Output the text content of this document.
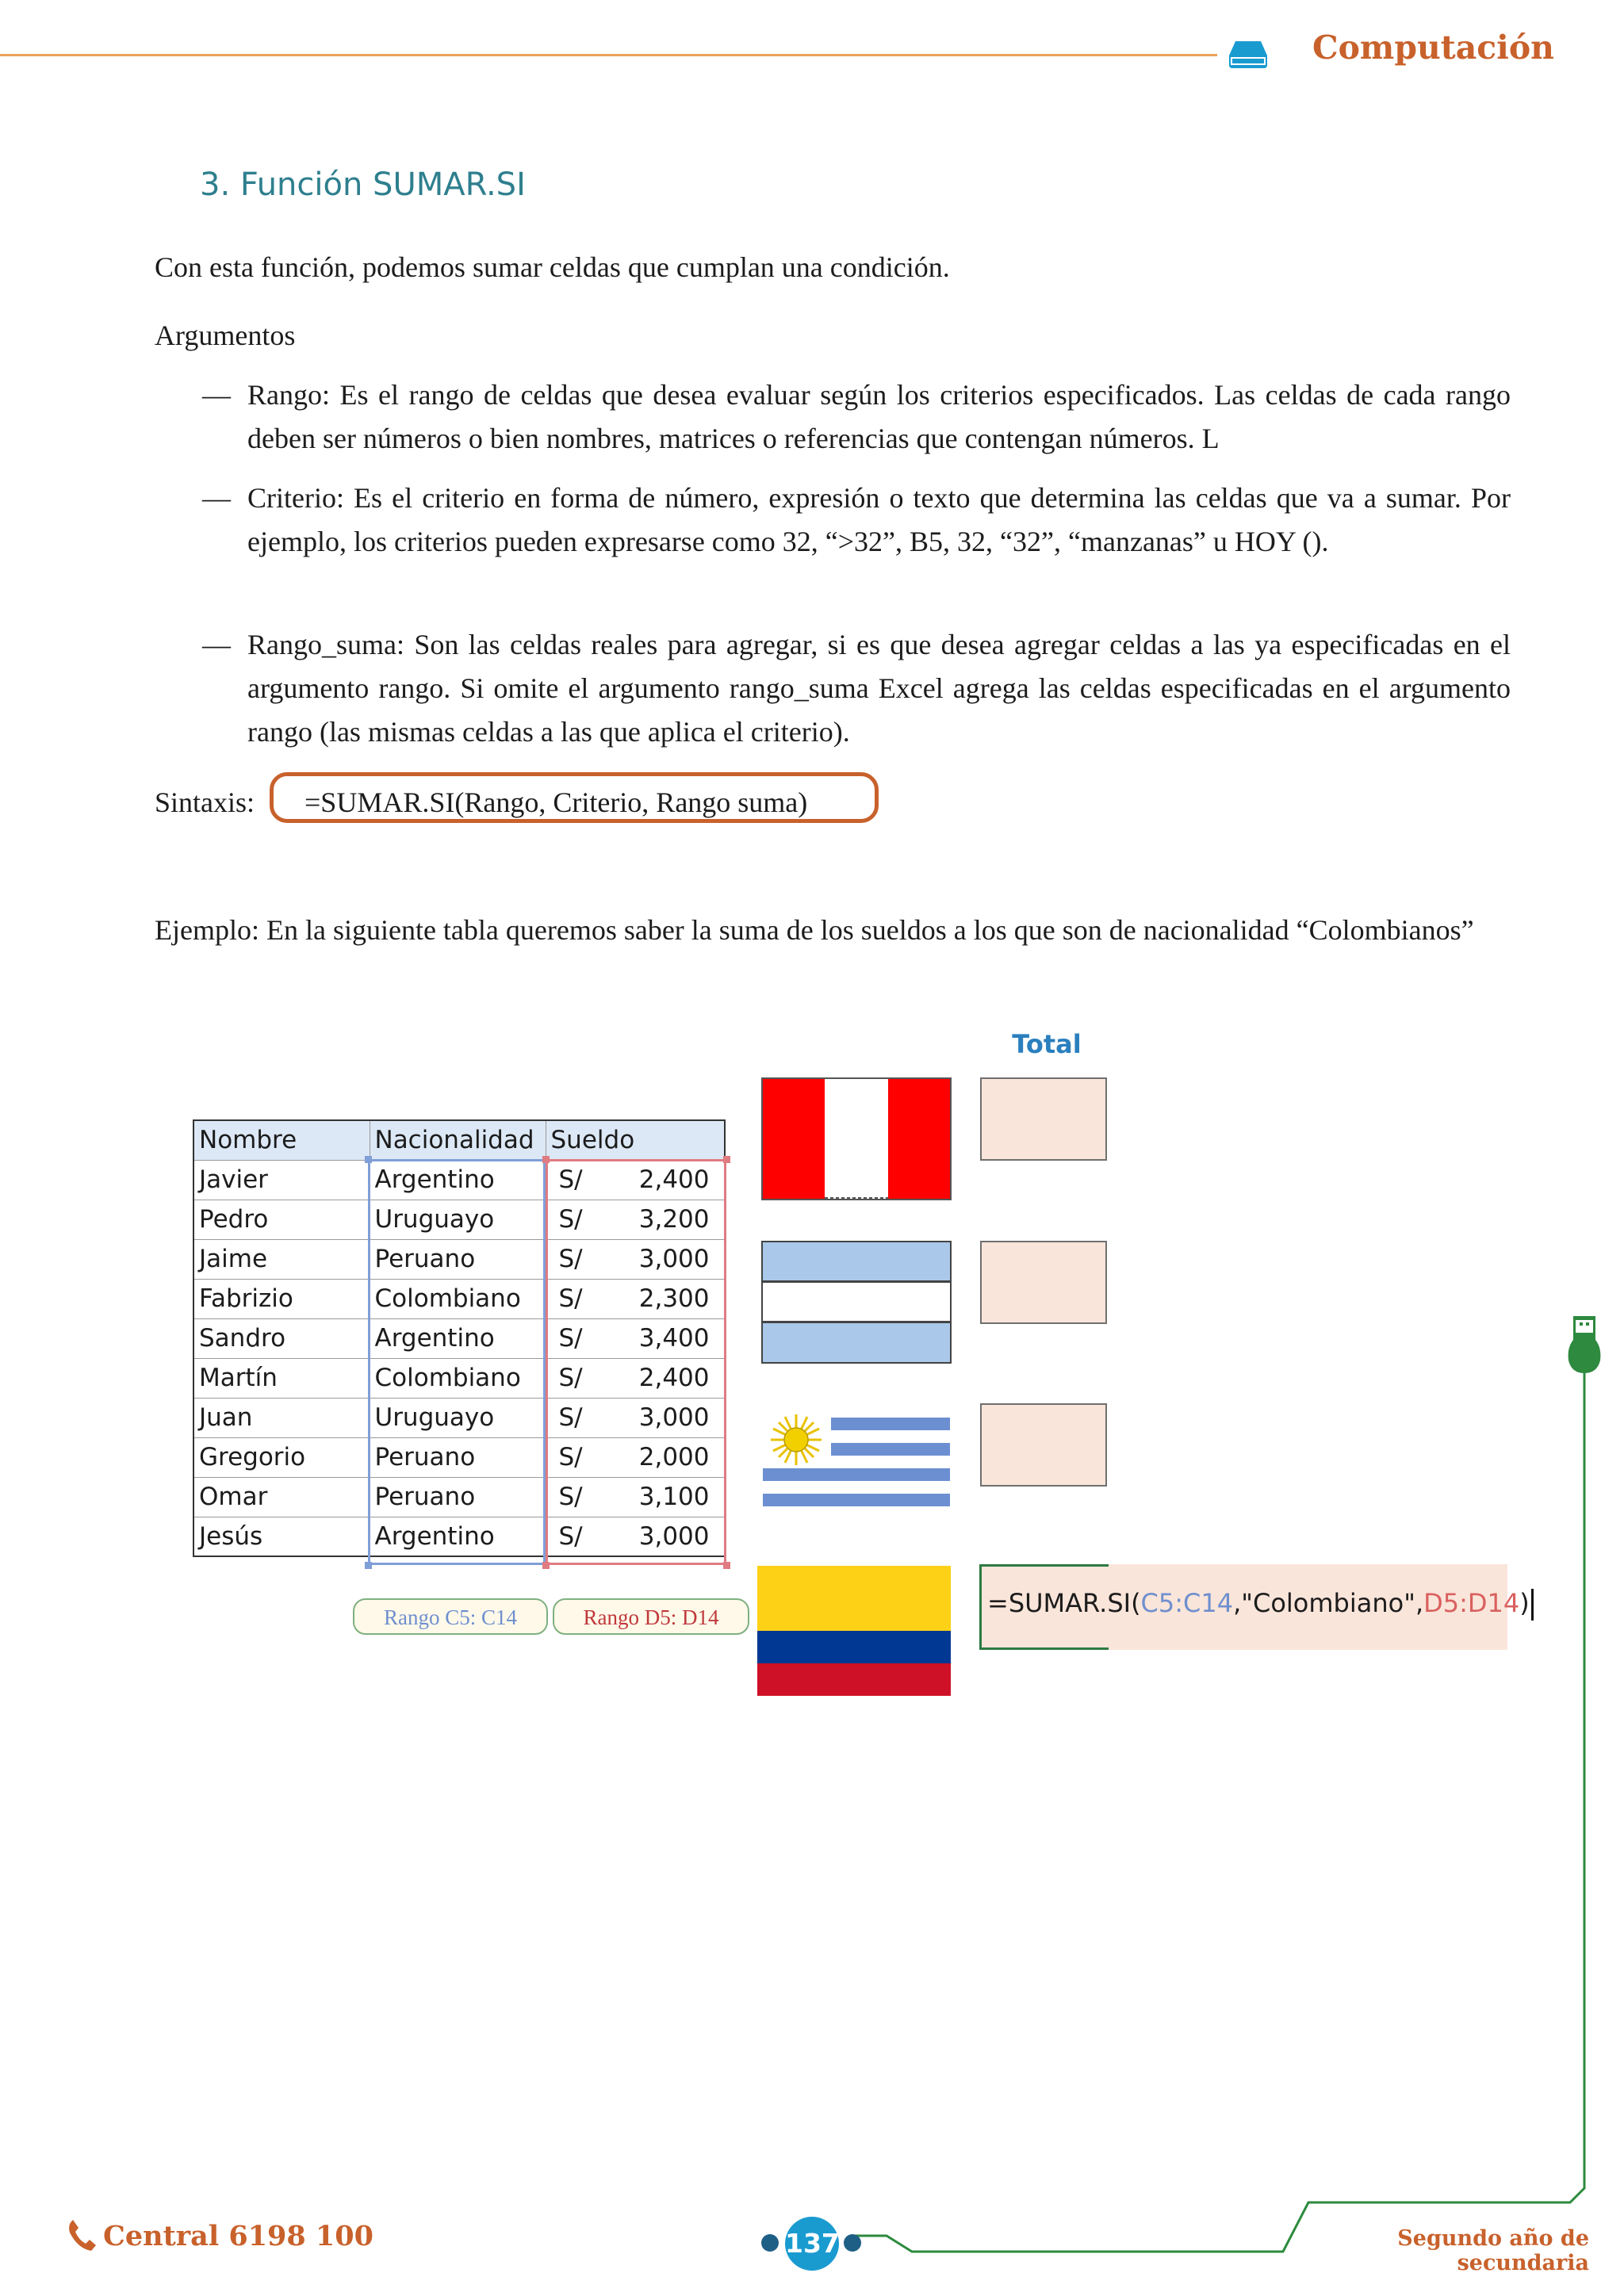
Computación
3. Función SUMAR.SI
Con esta función, podemos sumar celdas que cumplan una condición.
Argumentos
— Rango: Es el rango de celdas que desea evaluar según los criterios especificados. Las celdas de cada rango deben ser números o bien nombres, matrices o referencias que contengan números. L
— Criterio: Es el criterio en forma de número, expresión o texto que determina las celdas que va a sumar. Por ejemplo, los criterios pueden expresarse como 32, “>32”, B5, 32, “32”, “manzanas” u HOY ().
— Rango_suma: Son las celdas reales para agregar, si es que desea agregar celdas a las ya especificadas en el argumento rango. Si omite el argumento rango_suma Excel agrega las celdas especificadas en el argumento rango (las mismas celdas a las que aplica el criterio).
Sintaxis: =SUMAR.SI(Rango, Criterio, Rango suma)
Ejemplo: En la siguiente tabla queremos saber la suma de los sueldos a los que son de nacionalidad “Colombianos”
Nombre	Nacionalidad	Sueldo
Javier	Argentino	S/ 2,400
Pedro	Uruguayo	S/ 3,200
Jaime	Peruano	S/ 3,000
Fabrizio	Colombiano	S/ 2,300
Sandro	Argentino	S/ 3,400
Martín	Colombiano	S/ 2,400
Juan	Uruguayo	S/ 3,000
Gregorio	Peruano	S/ 2,000
Omar	Peruano	S/ 3,100
Jesús	Argentino	S/ 3,000
Rango C5: C14	Rango D5: D14
Total
=SUMAR.SI(C5:C14,"Colombiano",D5:D14)
Central 6198 100	137	Segundo año de secundaria
